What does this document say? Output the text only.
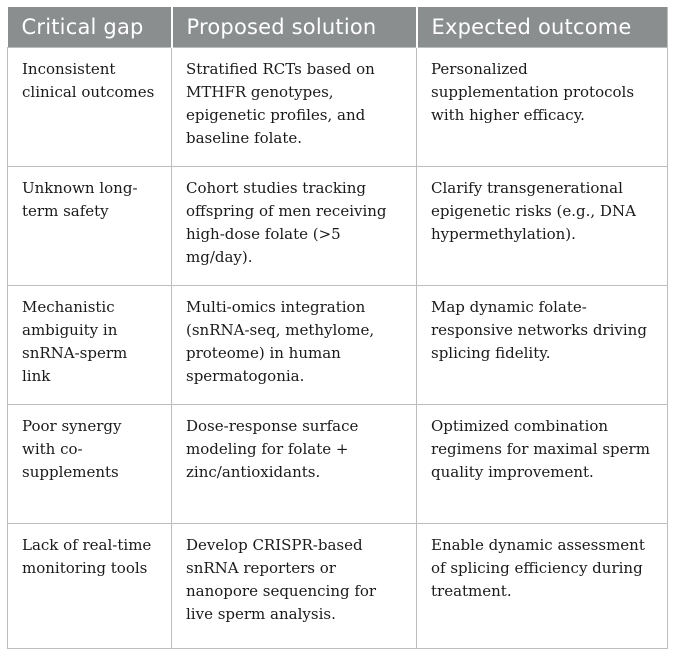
Critical gap	Proposed solution	Expected outcome
Inconsistent clinical outcomes	Stratified RCTs based on MTHFR genotypes, epigenetic profiles, and baseline folate.	Personalized supplementation protocols with higher efficacy.
Unknown long-term safety	Cohort studies tracking offspring of men receiving high-dose folate (>5 mg/day).	Clarify transgenerational epigenetic risks (e.g., DNA hypermethylation).
Mechanistic ambiguity in snRNA-sperm link	Multi-omics integration (snRNA-seq, methylome, proteome) in human spermatogonia.	Map dynamic folate-responsive networks driving splicing fidelity.
Poor synergy with co-supplements	Dose-response surface modeling for folate + zinc/antioxidants.	Optimized combination regimens for maximal sperm quality improvement.
Lack of real-time monitoring tools	Develop CRISPR-based snRNA reporters or nanopore sequencing for live sperm analysis.	Enable dynamic assessment of splicing efficiency during treatment.
